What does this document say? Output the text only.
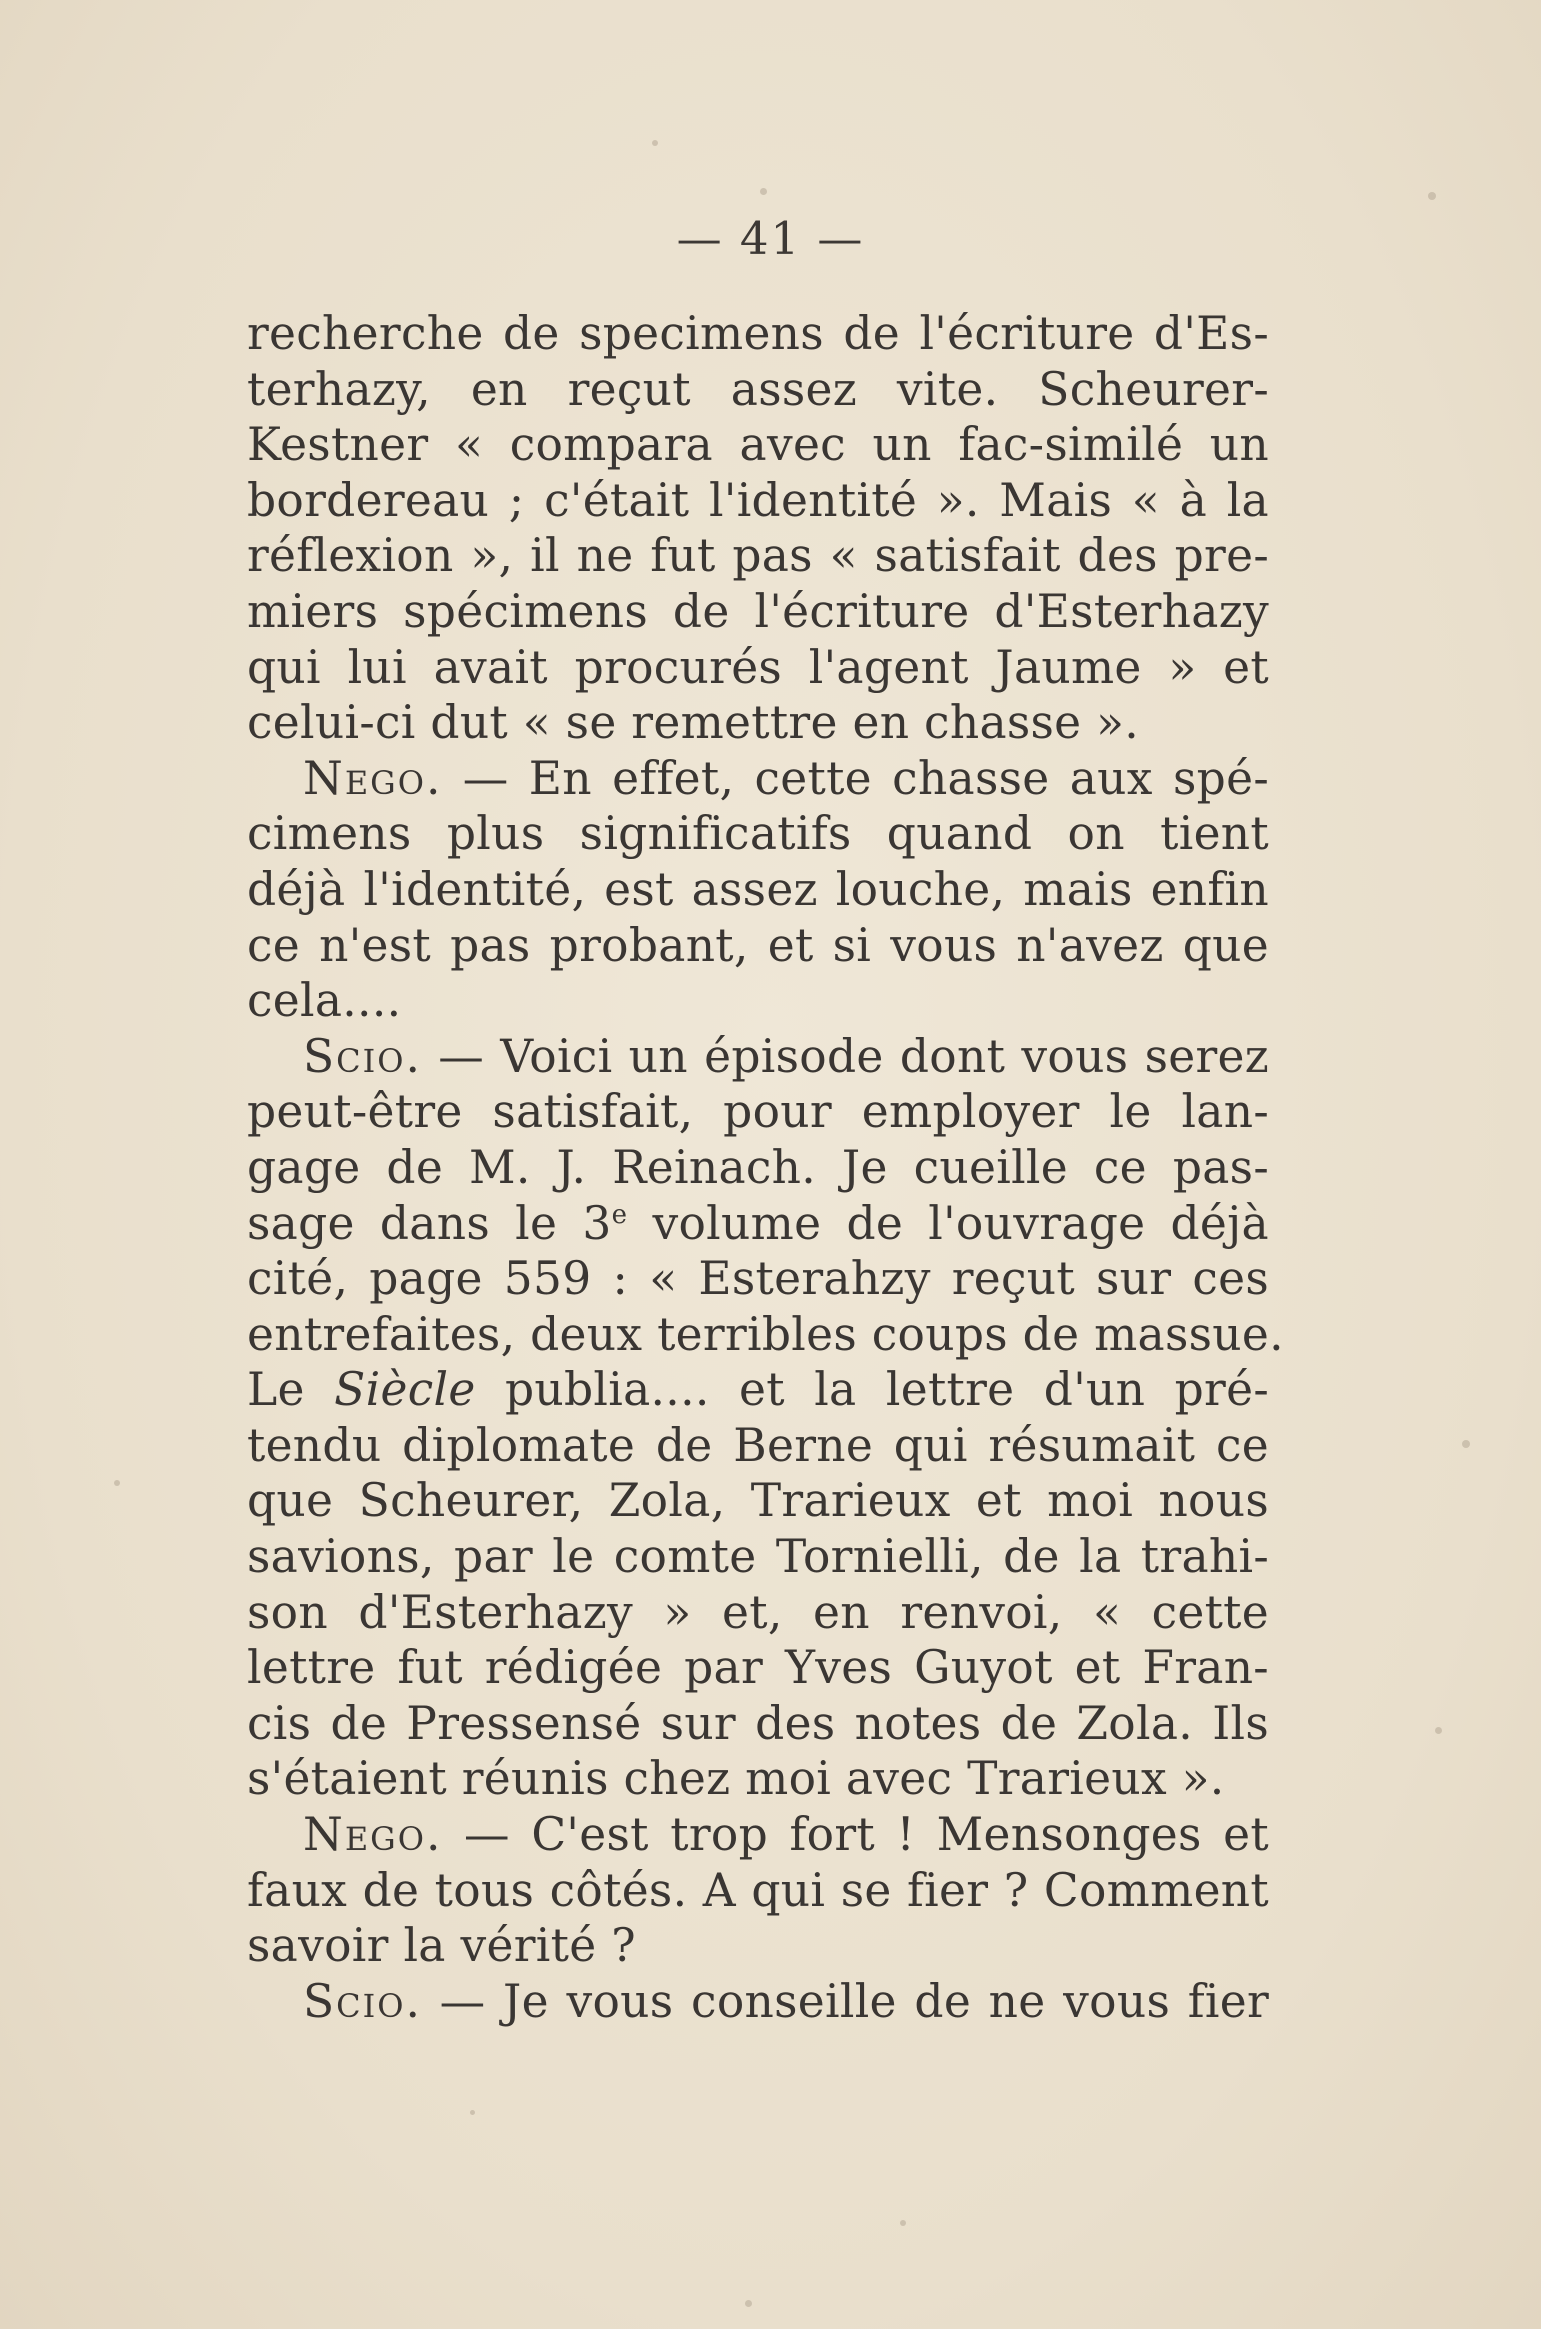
— 41 —
recherche de specimens de l'écriture d'Es-
terhazy, en reçut assez vite. Scheurer-
Kestner « compara avec un fac-similé un
bordereau ; c'était l'identité ». Mais « à la
réflexion », il ne fut pas « satisfait des pre-
miers spécimens de l'écriture d'Esterhazy
qui lui avait procurés l'agent Jaume » et
celui-ci dut « se remettre en chasse ».
Nego. — En effet, cette chasse aux spé-
cimens plus significatifs quand on tient
déjà l'identité, est assez louche, mais enfin
ce n'est pas probant, et si vous n'avez que
cela....
Scio. — Voici un épisode dont vous serez
peut-être satisfait, pour employer le lan-
gage de M. J. Reinach. Je cueille ce pas-
sage dans le 3e volume de l'ouvrage déjà
cité, page 559 : « Esterahzy reçut sur ces
entrefaites, deux terribles coups de massue.
Le Siècle publia.... et la lettre d'un pré-
tendu diplomate de Berne qui résumait ce
que Scheurer, Zola, Trarieux et moi nous
savions, par le comte Tornielli, de la trahi-
son d'Esterhazy » et, en renvoi, « cette
lettre fut rédigée par Yves Guyot et Fran-
cis de Pressensé sur des notes de Zola. Ils
s'étaient réunis chez moi avec Trarieux ».
Nego. — C'est trop fort ! Mensonges et
faux de tous côtés. A qui se fier ? Comment
savoir la vérité ?
Scio. — Je vous conseille de ne vous fier
